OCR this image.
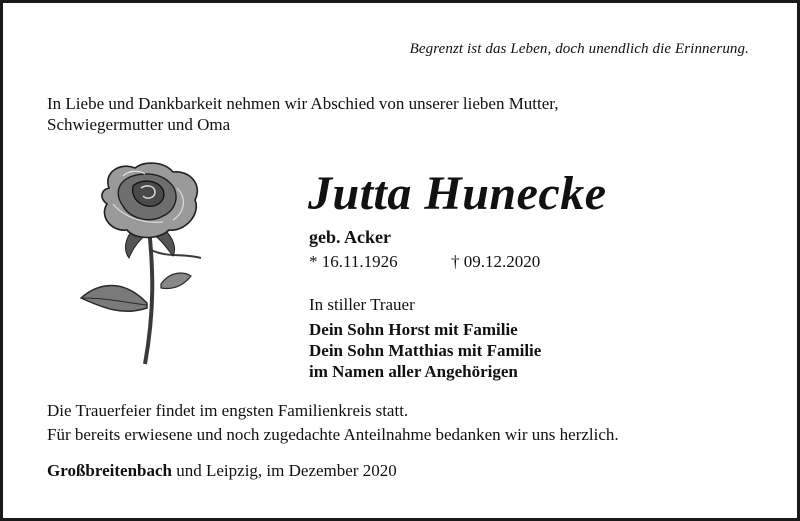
Begrenzt ist das Leben, doch unendlich die Erinnerung.
In Liebe und Dankbarkeit nehmen wir Abschied von unserer lieben Mutter,
Schwiegermutter und Oma
Jutta Hunecke
geb. Acker
* 16.11.1926	† 09.12.2020
In stiller Trauer
Dein Sohn Horst mit Familie
Dein Sohn Matthias mit Familie
im Namen aller Angehörigen
Die Trauerfeier findet im engsten Familienkreis statt.
Für bereits erwiesene und noch zugedachte Anteilnahme bedanken wir uns herzlich.
Großbreitenbach und Leipzig, im Dezember 2020
